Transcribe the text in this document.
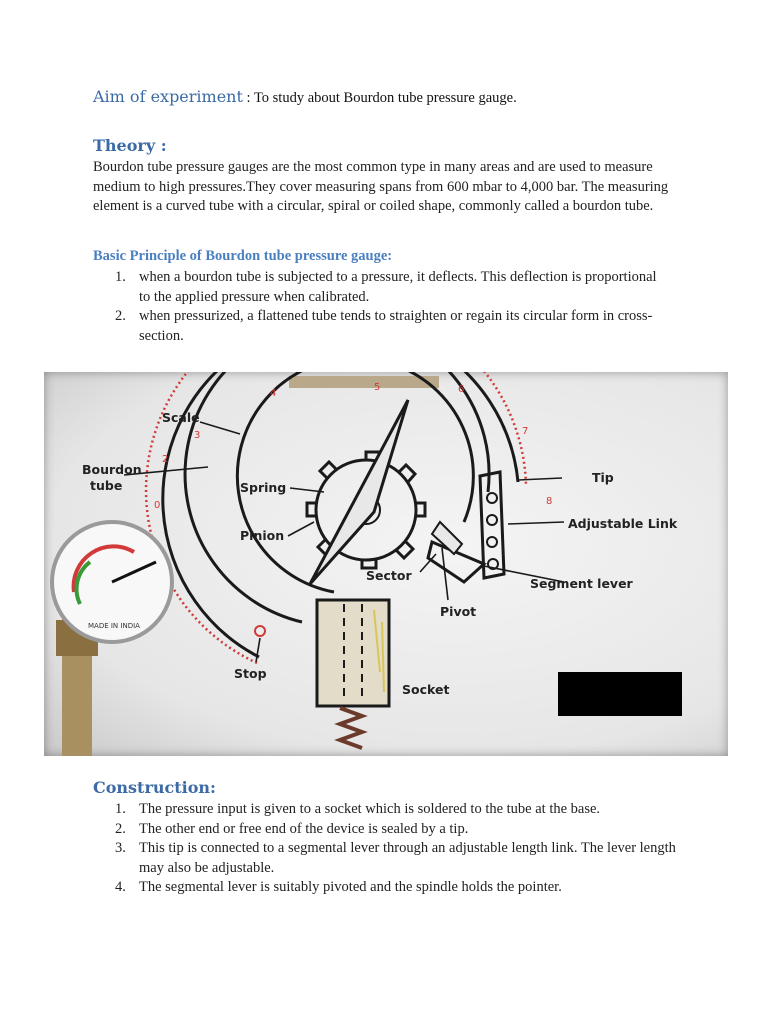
Aim of experiment : To study about Bourdon tube pressure gauge.
Theory :
Bourdon tube pressure gauges are the most common type in many areas and are used to measure medium to high pressures.They cover measuring spans from 600 mbar to 4,000 bar. The measuring element is a curved tube with a circular, spiral or coiled shape, commonly called a bourdon tube.
Basic Principle of Bourdon tube pressure gauge:
1. when a bourdon tube is subjected to a pressure, it deflects. This deflection is proportional to the applied pressure when calibrated.
2. when pressurized, a flattened tube tends to straighten or regain its circular form in cross-section.
0
2
3
4
5	6
7
8
Scale
Bourdon
tube	Spring
Pinion
Sector
Pivot
Stop
Socket
Tip
Adjustable Link
Segment lever
MADE IN INDIA
Construction:
1. The pressure input is given to a socket which is soldered to the tube at the base.
2. The other end or free end of the device is sealed by a tip.
3. This tip is connected to a segmental lever through an adjustable length link. The lever length may also be adjustable.
4. The segmental lever is suitably pivoted and the spindle holds the pointer.
